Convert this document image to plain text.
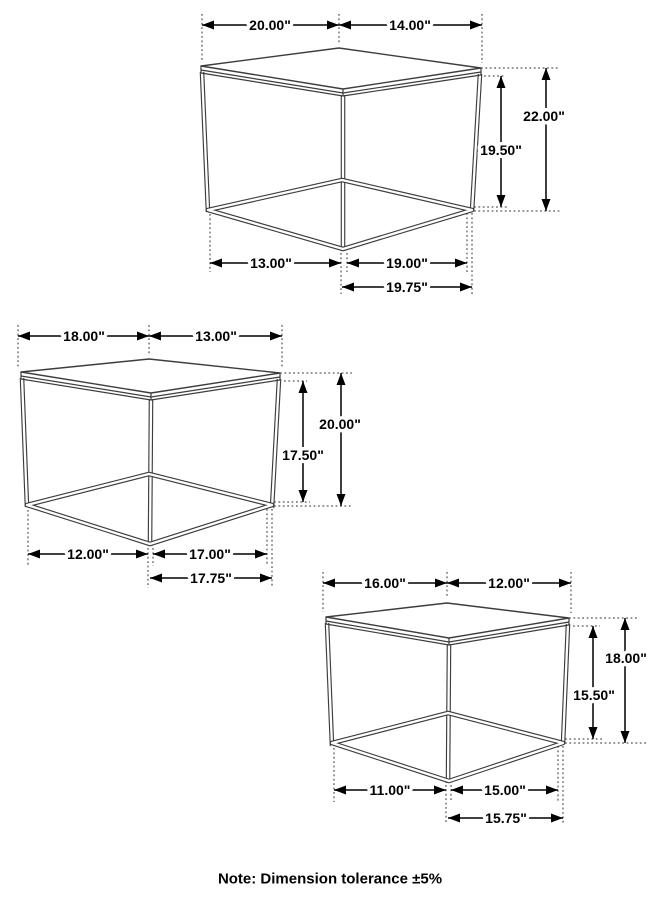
20.00"	14.00"
19.50"
22.00"
13.00"	19.00"
19.75"
18.00"	13.00"
17.50"
20.00"
12.00"	17.00"
17.75"	16.00"	12.00"
15.50"
18.00"
11.00"	15.00"
15.75"
Note: Dimension tolerance ±5%
